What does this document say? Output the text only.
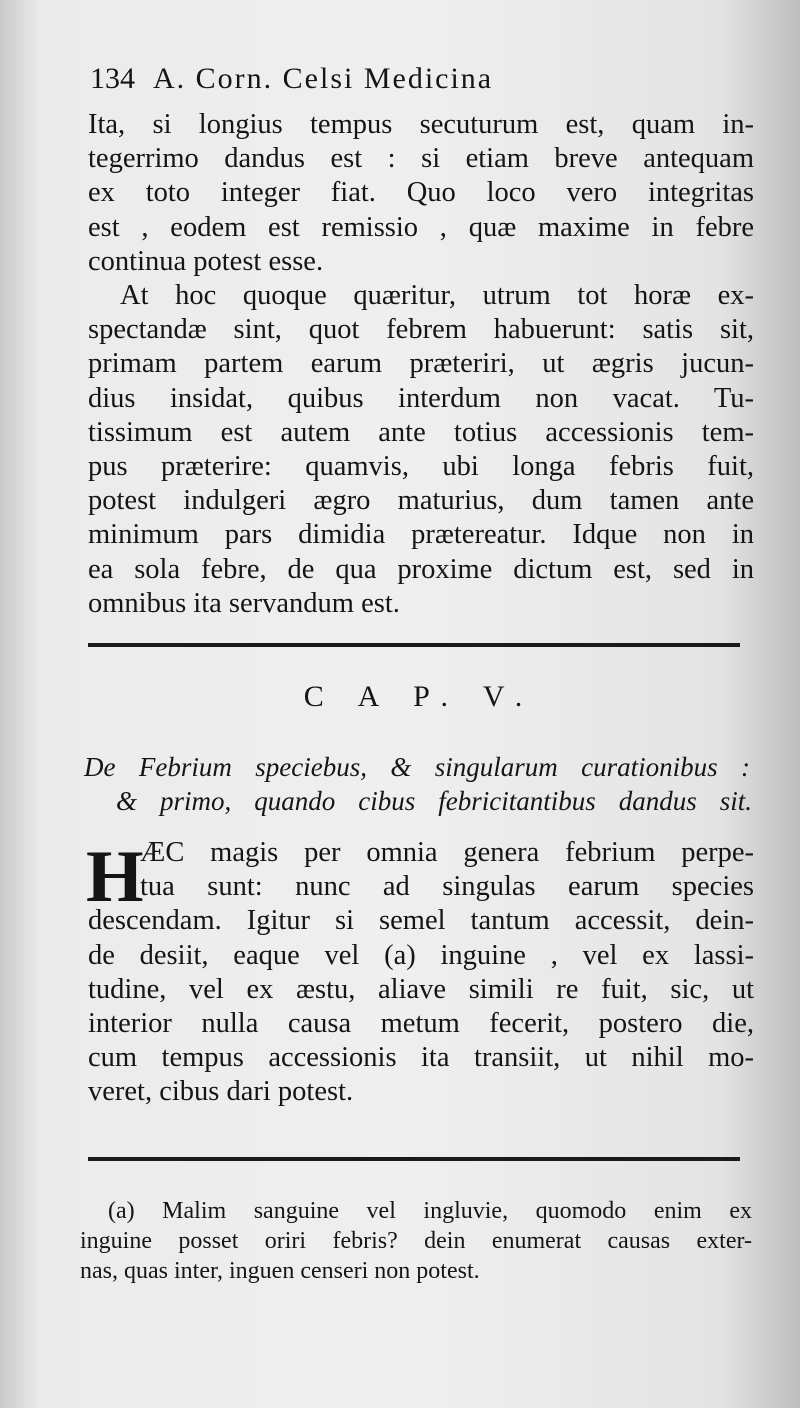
134 A. Corn. Celsi Medicina
Ita, si longius tempus secuturum est, quam in-
tegerrimo dandus est : si etiam breve antequam
ex toto integer fiat. Quo loco vero integritas
est , eodem est remissio , quæ maxime in febre
continua potest esse.
At hoc quoque quæritur, utrum tot horæ ex-
spectandæ sint, quot febrem habuerunt: satis sit,
primam partem earum præteriri, ut ægris jucun-
dius insidat, quibus interdum non vacat. Tu-
tissimum est autem ante totius accessionis tem-
pus præterire: quamvis, ubi longa febris fuit,
potest indulgeri ægro maturius, dum tamen ante
minimum pars dimidia prætereatur. Idque non in
ea sola febre, de qua proxime dictum est, sed in
omnibus ita servandum est.
C A P. V.
De Febrium speciebus, & singularum curationibus :
& primo, quando cibus febricitantibus dandus sit.
H
ÆC magis per omnia genera febrium perpe-
tua sunt: nunc ad singulas earum species
descendam. Igitur si semel tantum accessit, dein-
de desiit, eaque vel (a) inguine , vel ex lassi-
tudine, vel ex æstu, aliave simili re fuit, sic, ut
interior nulla causa metum fecerit, postero die,
cum tempus accessionis ita transiit, ut nihil mo-
veret, cibus dari potest.
(a) Malim sanguine vel ingluvie, quomodo enim ex
inguine posset oriri febris? dein enumerat causas exter-
nas, quas inter, inguen censeri non potest.
